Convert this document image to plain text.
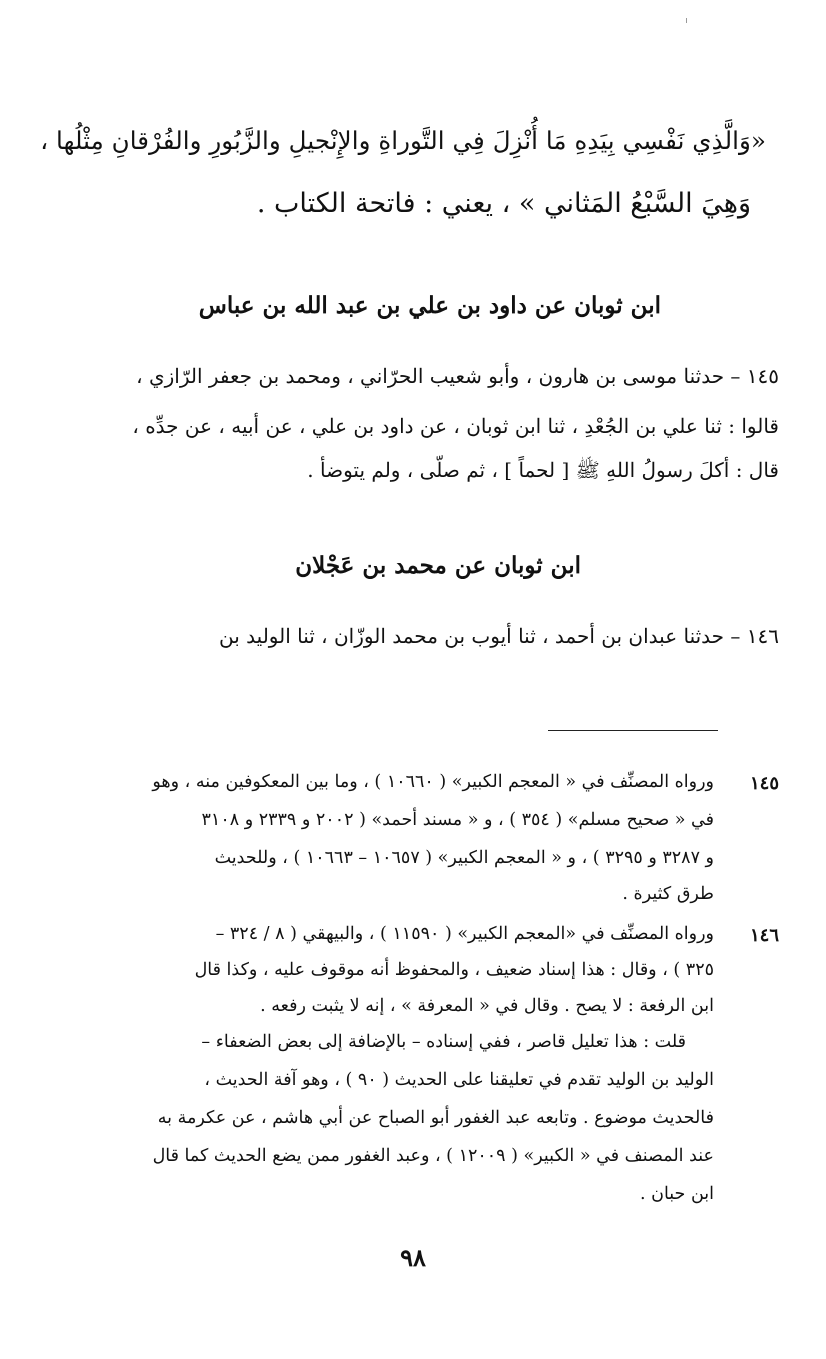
«وَالَّذِي نَفْسِي بِيَدِهِ مَا أُنْزِلَ فِي التَّوراةِ والإِنْجيلِ والزَّبُورِ والفُرْقانِ مِثْلُها ،
وَهِيَ السَّبْعُ المَثاني » ، يعني : فاتحة الكتاب .
ابن ثوبان عن داود بن علي بن عبد الله بن عباس
١٤٥ – حدثنا موسى بن هارون ، وأبو شعيب الحرّاني ، ومحمد بن جعفر الرّازي ،
قالوا : ثنا علي بن الجُعْدِ ، ثنا ابن ثوبان ، عن داود بن علي ، عن أبيه ، عن جدِّه ،
قال : أكلَ رسولُ اللهِ ﷺ [ لحماً ] ، ثم صلّى ، ولم يتوضأ .
ابن ثوبان عن محمد بن عَجْلان
١٤٦ – حدثنا عبدان بن أحمد ، ثنا أيوب بن محمد الوزّان ، ثنا الوليد بن
١٤٥
ورواه المصنِّف في « المعجم الكبير» ( ١٠٦٦٠ ) ، وما بين المعكوفين منه ، وهو
في « صحيح مسلم» ( ٣٥٤ ) ، و « مسند أحمد» ( ٢٠٠٢ و ٢٣٣٩ و ٣١٠٨
و ٣٢٨٧ و ٣٢٩٥ ) ، و « المعجم الكبير» ( ١٠٦٥٧ – ١٠٦٦٣ ) ، وللحديث
طرق كثيرة .
١٤٦
ورواه المصنِّف في «المعجم الكبير» ( ١١٥٩٠ ) ، والبيهقي ( ٨ / ٣٢٤ –
٣٢٥ ) ، وقال : هذا إسناد ضعيف ، والمحفوظ أنه موقوف عليه ، وكذا قال
ابن الرفعة : لا يصح . وقال في « المعرفة » ، إنه لا يثبت رفعه .
قلت : هذا تعليل قاصر ، ففي إسناده – بالإضافة إلى بعض الضعفاء –
الوليد بن الوليد تقدم في تعليقنا على الحديث ( ٩٠ ) ، وهو آفة الحديث ،
فالحديث موضوع . وتابعه عبد الغفور أبو الصباح عن أبي هاشم ، عن عكرمة به
عند المصنف في « الكبير» ( ١٢٠٠٩ ) ، وعبد الغفور ممن يضع الحديث كما قال
ابن حبان .
٩٨
